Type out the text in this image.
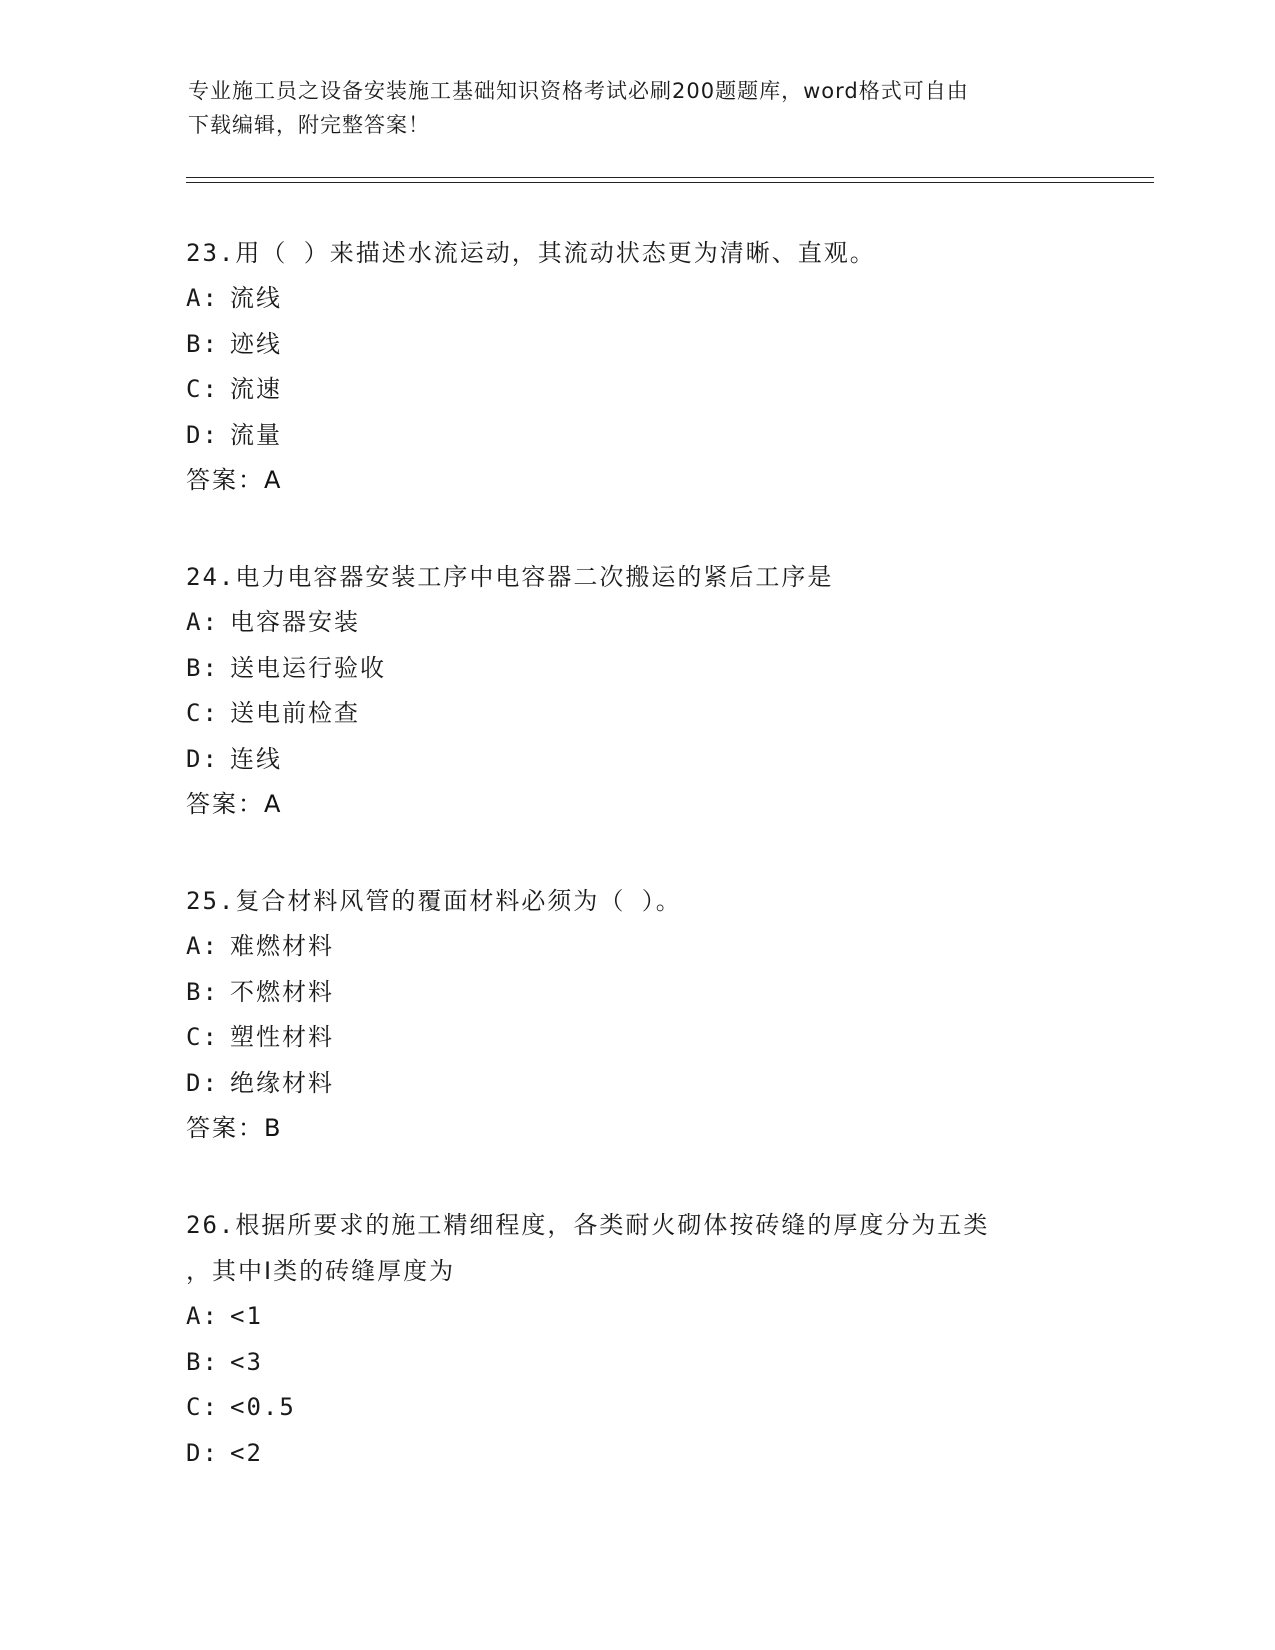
专业施工员之设备安装施工基础知识资格考试必刷200题题库，word格式可自由
下载编辑，附完整答案！
23.用（ ）来描述水流运动，其流动状态更为清晰、直观。
A: 流线
B: 迹线
C: 流速
D: 流量
答案：A
24.电力电容器安装工序中电容器二次搬运的紧后工序是
A: 电容器安装
B: 送电运行验收
C: 送电前检查
D: 连线
答案：A
25.复合材料风管的覆面材料必须为（ ）。
A: 难燃材料
B: 不燃材料
C: 塑性材料
D: 绝缘材料
答案：B
26.根据所要求的施工精细程度，各类耐火砌体按砖缝的厚度分为五类
，其中Ⅰ类的砖缝厚度为
A: <1
B: <3
C: <0.5
D: <2
